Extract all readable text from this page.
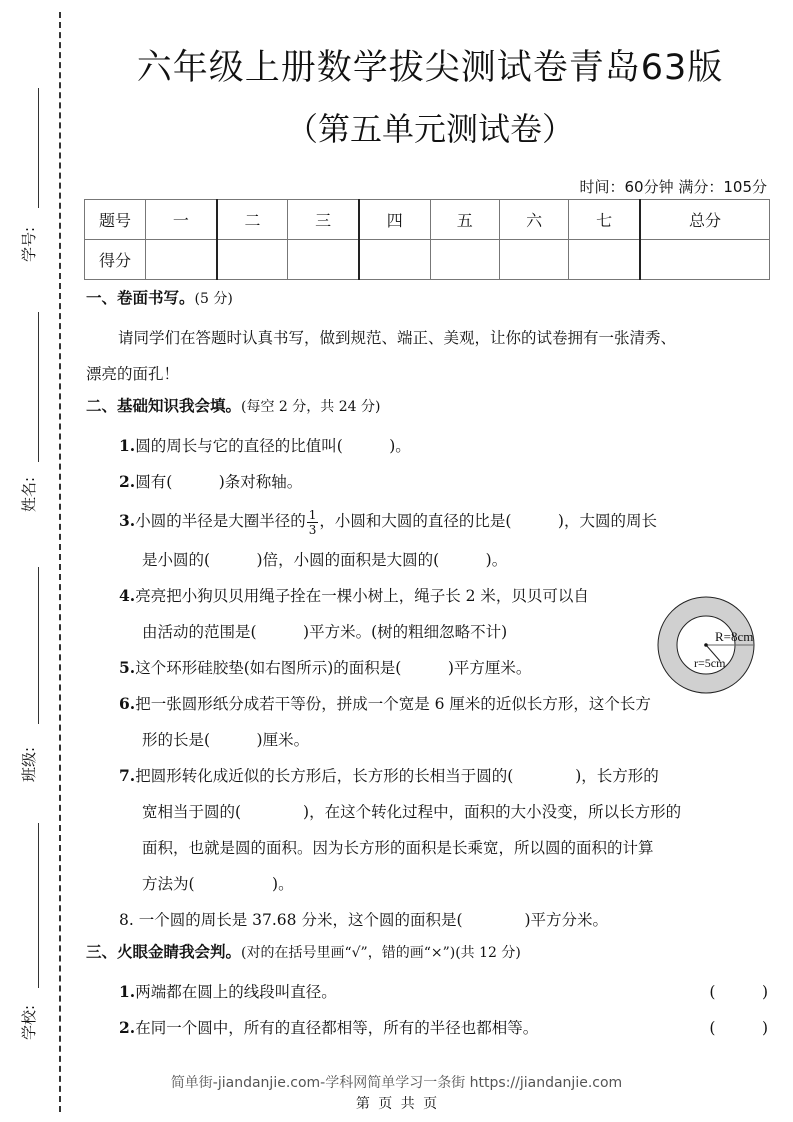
学号:
姓名:
班级:
学校:
六年级上册数学拔尖测试卷青岛63版
（第五单元测试卷）
时间：60分钟 满分：105分
题号	一	二	三	四	五	六	七	总分
得分								
一、卷面书写。(5 分)
请同学们在答题时认真书写，做到规范、端正、美观，让你的试卷拥有一张清秀、
漂亮的面孔！
二、基础知识我会填。(每空 2 分，共 24 分)
1.圆的周长与它的直径的比值叫(　　　)。
2.圆有(　　　)条对称轴。
3.小圆的半径是大圈半径的 $\frac{1}{3}$ ，小圆和大圆的直径的比是(　　　)，大圆的周长
是小圆的(　　　)倍，小圆的面积是大圆的(　　　)。
4.亮亮把小狗贝贝用绳子拴在一棵小树上，绳子长 2 米，贝贝可以自
由活动的范围是(　　　)平方米。(树的粗细忽略不计)
5.这个环形硅胶垫(如右图所示)的面积是(　　　)平方厘米。
6.把一张圆形纸分成若干等份，拼成一个宽是 6 厘米的近似长方形，这个长方
形的长是(　　　)厘米。
7.把圆形转化成近似的长方形后，长方形的长相当于圆的(　　　　)，长方形的
宽相当于圆的(　　　　)，在这个转化过程中，面积的大小没变，所以长方形的
面积，也就是圆的面积。因为长方形的面积是长乘宽，所以圆的面积的计算
方法为(　　　　　)。
8. 一个圆的周长是 37.68 分米，这个圆的面积是(　　　　)平方分米。
三、火眼金睛我会判。(对的在括号里画“√”，错的画“×”)(共 12 分)
1.两端都在圆上的线段叫直径。	(　　　)
2.在同一个圆中，所有的直径都相等，所有的半径也都相等。	(　　　)
R=8cm
r=5cm
简单街-jiandanjie.com-学科网简单学习一条街 https://jiandanjie.com
第 页 共 页
